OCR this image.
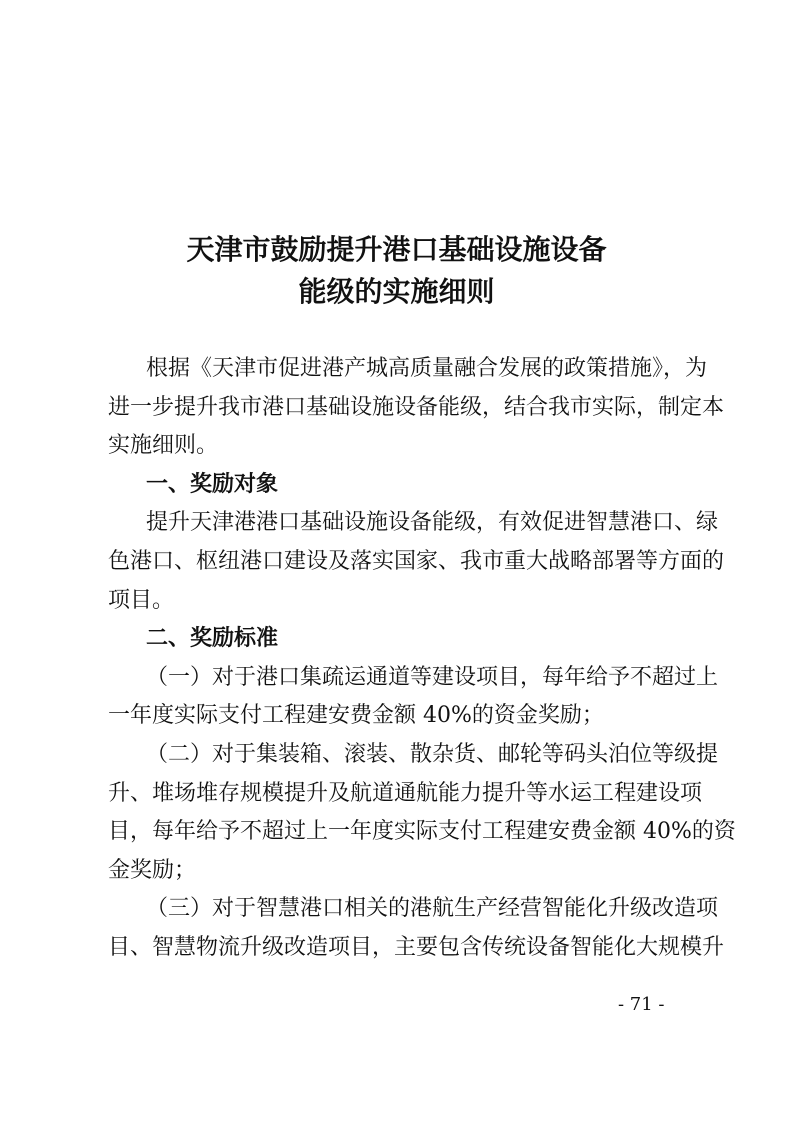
天津市鼓励提升港口基础设施设备
能级的实施细则
根据《天津市促进港产城高质量融合发展的政策措施》，为
进一步提升我市港口基础设施设备能级，结合我市实际，制定本
实施细则。
一、奖励对象
提升天津港港口基础设施设备能级，有效促进智慧港口、绿
色港口、枢纽港口建设及落实国家、我市重大战略部署等方面的
项目。
二、奖励标准
（一）对于港口集疏运通道等建设项目，每年给予不超过上
一年度实际支付工程建安费金额 40%的资金奖励；
（二）对于集装箱、滚装、散杂货、邮轮等码头泊位等级提
升、堆场堆存规模提升及航道通航能力提升等水运工程建设项
目，每年给予不超过上一年度实际支付工程建安费金额 40%的资
金奖励；
（三）对于智慧港口相关的港航生产经营智能化升级改造项
目、智慧物流升级改造项目，主要包含传统设备智能化大规模升
- 71 -
